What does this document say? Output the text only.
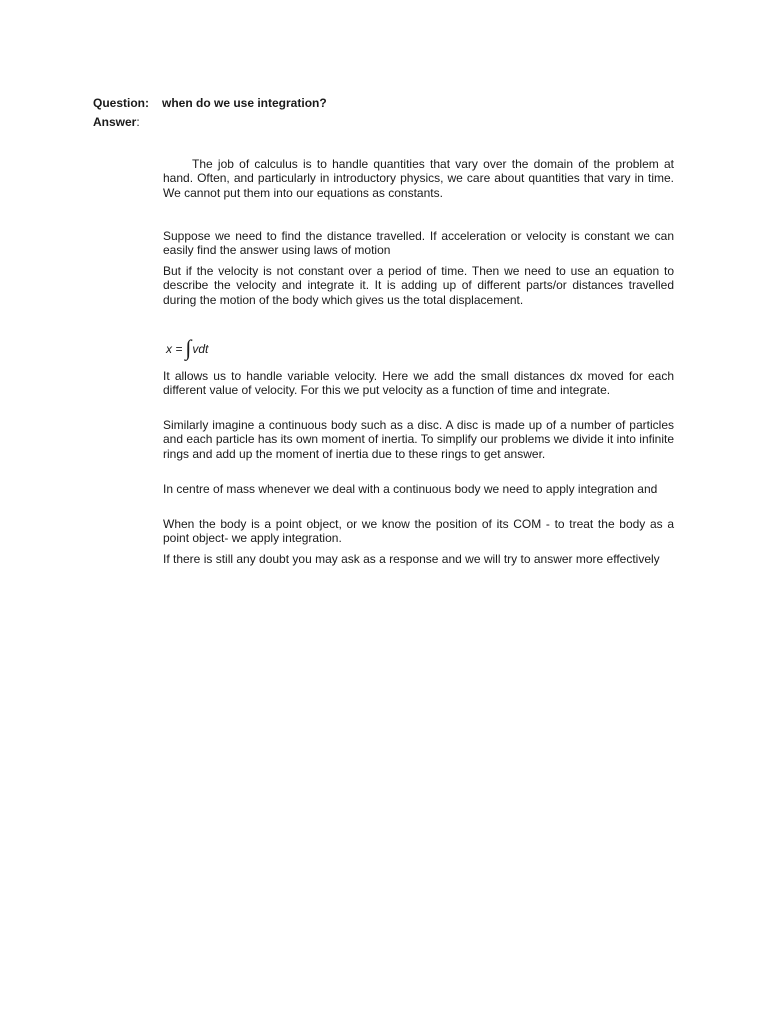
Question: when do we use integration?
Answer:

The job of calculus is to handle quantities that vary over the domain of the problem at hand. Often, and particularly in introductory physics, we care about quantities that vary in time. We cannot put them into our equations as constants.

Suppose we need to find the distance travelled. If acceleration or velocity is constant we can easily find the answer using laws of motion

But if the velocity is not constant over a period of time. Then we need to use an equation to describe the velocity and integrate it. It is adding up of different parts/or distances travelled during the motion of the body which gives us the total displacement.

x = ∫ vdt

It allows us to handle variable velocity. Here we add the small distances dx moved for each different value of velocity. For this we put velocity as a function of time and integrate.

Similarly imagine a continuous body such as a disc. A disc is made up of a number of particles and each particle has its own moment of inertia. To simplify our problems we divide it into infinite rings and add up the moment of inertia due to these rings to get answer.

In centre of mass whenever we deal with a continuous body we need to apply integration and

When the body is a point object, or we know the position of its COM - to treat the body as a point object- we apply integration.

If there is still any doubt you may ask as a response and we will try to answer more effectively
